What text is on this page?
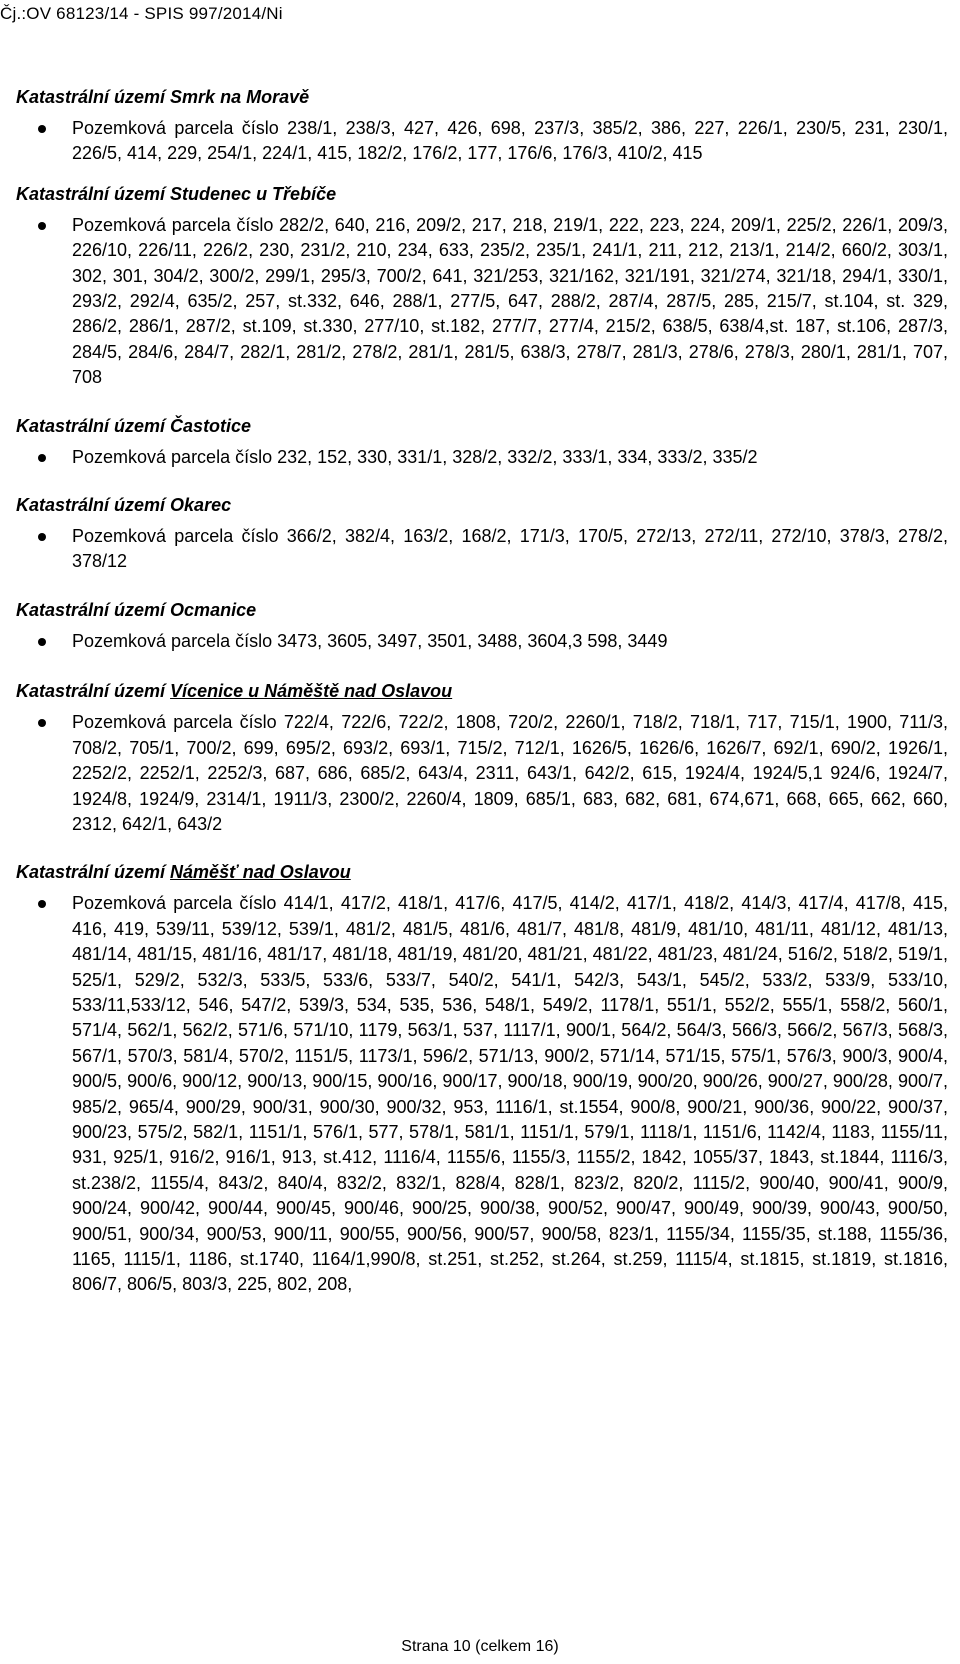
Čj.:OV 68123/14 - SPIS 997/2014/Ni
Katastrální území Smrk na Moravě
Pozemková parcela číslo 238/1, 238/3, 427, 426, 698, 237/3, 385/2, 386, 227, 226/1, 230/5, 231, 230/1, 226/5, 414, 229, 254/1, 224/1, 415, 182/2, 176/2, 177, 176/6, 176/3, 410/2, 415
Katastrální území Studenec u Třebíče
Pozemková parcela číslo 282/2, 640, 216, 209/2, 217, 218, 219/1, 222, 223, 224, 209/1, 225/2, 226/1, 209/3, 226/10, 226/11, 226/2, 230, 231/2, 210, 234, 633, 235/2, 235/1, 241/1, 211, 212, 213/1, 214/2, 660/2, 303/1, 302, 301, 304/2, 300/2, 299/1, 295/3, 700/2, 641, 321/253, 321/162, 321/191, 321/274, 321/18, 294/1, 330/1, 293/2, 292/4, 635/2, 257, st.332, 646, 288/1, 277/5, 647, 288/2, 287/4, 287/5, 285, 215/7, st.104, st. 329, 286/2, 286/1, 287/2, st.109, st.330, 277/10, st.182, 277/7, 277/4, 215/2, 638/5, 638/4,st. 187, st.106, 287/3, 284/5, 284/6, 284/7, 282/1, 281/2, 278/2, 281/1, 281/5, 638/3, 278/7, 281/3, 278/6, 278/3, 280/1, 281/1, 707, 708
Katastrální území Častotice
Pozemková parcela číslo 232, 152, 330, 331/1, 328/2, 332/2, 333/1, 334, 333/2, 335/2
Katastrální území Okarec
Pozemková parcela číslo 366/2, 382/4, 163/2, 168/2, 171/3, 170/5, 272/13, 272/11, 272/10, 378/3, 278/2, 378/12
Katastrální území Ocmanice
Pozemková parcela číslo 3473, 3605, 3497, 3501, 3488, 3604,3 598, 3449
Katastrální území Vícenice u Náměště nad Oslavou
Pozemková parcela číslo 722/4, 722/6, 722/2, 1808, 720/2, 2260/1, 718/2, 718/1, 717, 715/1, 1900, 711/3, 708/2, 705/1, 700/2, 699, 695/2, 693/2, 693/1, 715/2, 712/1, 1626/5, 1626/6, 1626/7, 692/1, 690/2, 1926/1, 2252/2, 2252/1, 2252/3, 687, 686, 685/2, 643/4, 2311, 643/1, 642/2, 615, 1924/4, 1924/5,1 924/6, 1924/7, 1924/8, 1924/9, 2314/1, 1911/3, 2300/2, 2260/4, 1809, 685/1, 683, 682, 681, 674,671, 668, 665, 662, 660, 2312, 642/1, 643/2
Katastrální území Náměšť nad Oslavou
Pozemková parcela číslo 414/1, 417/2, 418/1, 417/6, 417/5, 414/2, 417/1, 418/2, 414/3, 417/4, 417/8, 415, 416, 419, 539/11, 539/12, 539/1, 481/2, 481/5, 481/6, 481/7, 481/8, 481/9, 481/10, 481/11, 481/12, 481/13, 481/14, 481/15, 481/16, 481/17, 481/18, 481/19, 481/20, 481/21, 481/22, 481/23, 481/24, 516/2, 518/2, 519/1, 525/1, 529/2, 532/3, 533/5, 533/6, 533/7, 540/2, 541/1, 542/3, 543/1, 545/2, 533/2, 533/9, 533/10, 533/11,533/12, 546, 547/2, 539/3, 534, 535, 536, 548/1, 549/2, 1178/1, 551/1, 552/2, 555/1, 558/2, 560/1, 571/4, 562/1, 562/2, 571/6, 571/10, 1179, 563/1, 537, 1117/1, 900/1, 564/2, 564/3, 566/3, 566/2, 567/3, 568/3, 567/1, 570/3, 581/4, 570/2, 1151/5, 1173/1, 596/2, 571/13, 900/2, 571/14, 571/15, 575/1, 576/3, 900/3, 900/4, 900/5, 900/6, 900/12, 900/13, 900/15, 900/16, 900/17, 900/18, 900/19, 900/20, 900/26, 900/27, 900/28, 900/7, 985/2, 965/4, 900/29, 900/31, 900/30, 900/32, 953, 1116/1, st.1554, 900/8, 900/21, 900/36, 900/22, 900/37, 900/23, 575/2, 582/1, 1151/1, 576/1, 577, 578/1, 581/1, 1151/1, 579/1, 1118/1, 1151/6, 1142/4, 1183, 1155/11, 931, 925/1, 916/2, 916/1, 913, st.412, 1116/4, 1155/6, 1155/3, 1155/2, 1842, 1055/37, 1843, st.1844, 1116/3, st.238/2, 1155/4, 843/2, 840/4, 832/2, 832/1, 828/4, 828/1, 823/2, 820/2, 1115/2, 900/40, 900/41, 900/9, 900/24, 900/42, 900/44, 900/45, 900/46, 900/25, 900/38, 900/52, 900/47, 900/49, 900/39, 900/43, 900/50, 900/51, 900/34, 900/53, 900/11, 900/55, 900/56, 900/57, 900/58, 823/1, 1155/34, 1155/35, st.188, 1155/36, 1165, 1115/1, 1186, st.1740, 1164/1,990/8, st.251, st.252, st.264, st.259, 1115/4, st.1815, st.1819, st.1816, 806/7, 806/5, 803/3, 225, 802, 208,
Strana 10 (celkem 16)
